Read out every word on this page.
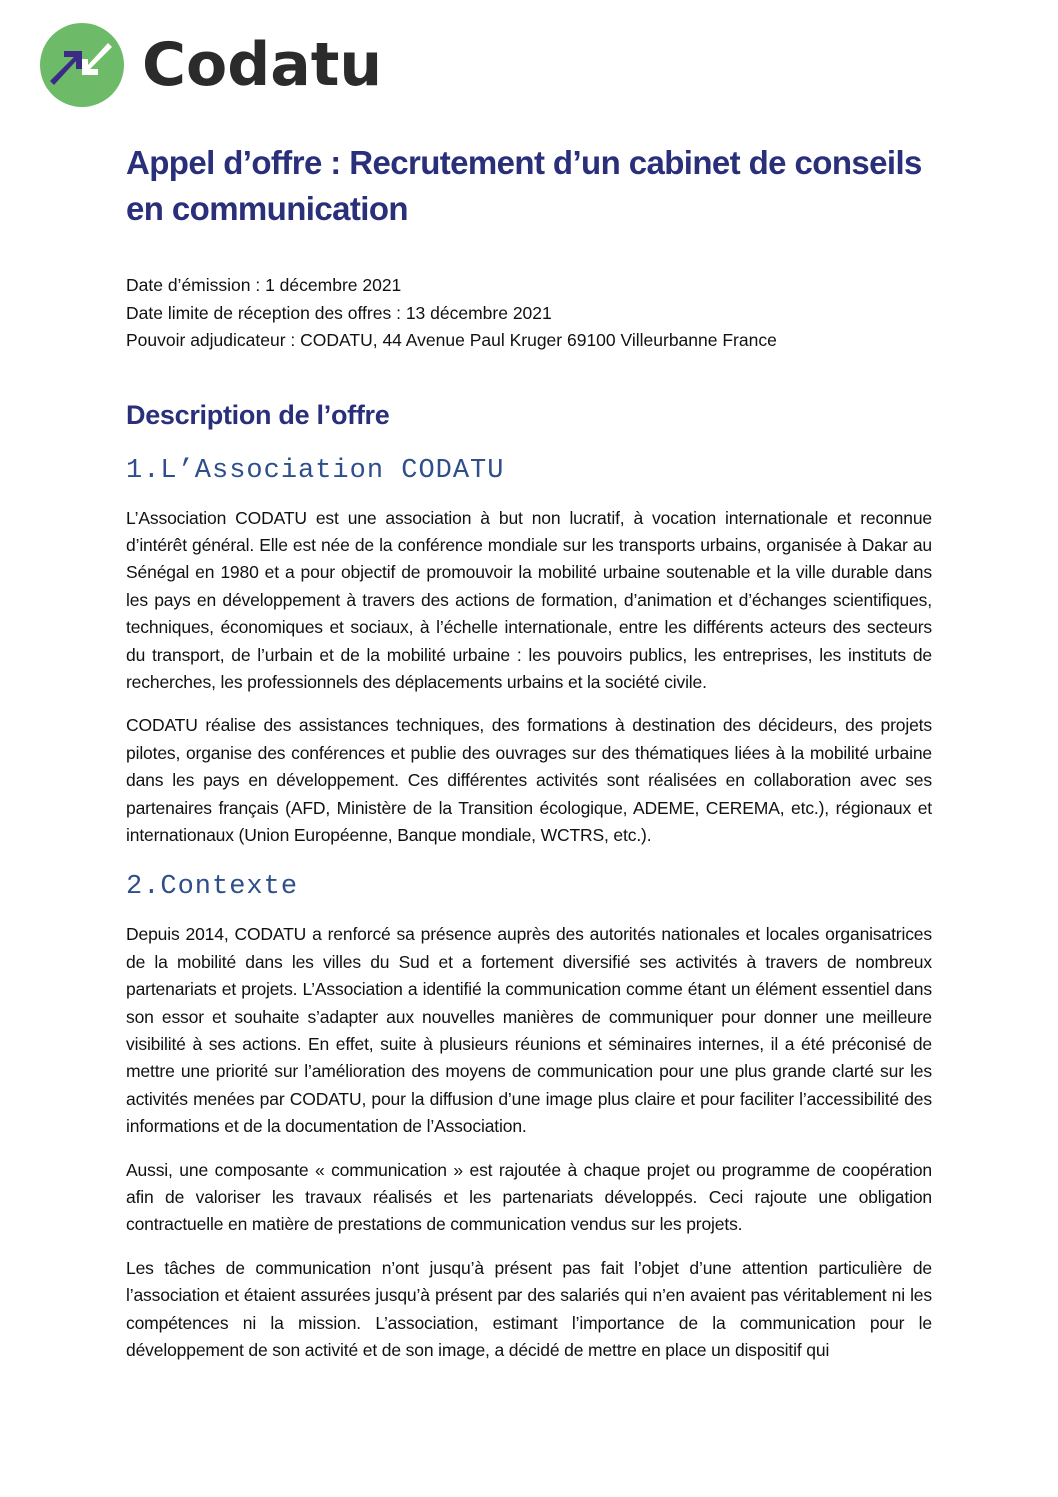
Codatu
Appel d’offre : Recrutement d’un cabinet de conseils en communication
Date d’émission : 1 décembre 2021
Date limite de réception des offres : 13 décembre 2021
Pouvoir adjudicateur : CODATU, 44 Avenue Paul Kruger 69100 Villeurbanne France
Description de l’offre
1.L’Association CODATU

L’Association CODATU est une association à but non lucratif, à vocation internationale et reconnue d’intérêt général. Elle est née de la conférence mondiale sur les transports urbains, organisée à Dakar au Sénégal en 1980 et a pour objectif de promouvoir la mobilité urbaine soutenable et la ville durable dans les pays en développement à travers des actions de formation, d’animation et d’échanges scientifiques, techniques, économiques et sociaux, à l’échelle internationale, entre les différents acteurs des secteurs du transport, de l’urbain et de la mobilité urbaine : les pouvoirs publics, les entreprises, les instituts de recherches, les professionnels des déplacements urbains et la société civile.

CODATU réalise des assistances techniques, des formations à destination des décideurs, des projets pilotes, organise des conférences et publie des ouvrages sur des thématiques liées à la mobilité urbaine dans les pays en développement. Ces différentes activités sont réalisées en collaboration avec ses partenaires français (AFD, Ministère de la Transition écologique, ADEME, CEREMA, etc.), régionaux et internationaux (Union Européenne, Banque mondiale, WCTRS, etc.).

2.Contexte

Depuis 2014, CODATU a renforcé sa présence auprès des autorités nationales et locales organisatrices de la mobilité dans les villes du Sud et a fortement diversifié ses activités à travers de nombreux partenariats et projets. L’Association a identifié la communication comme étant un élément essentiel dans son essor et souhaite s’adapter aux nouvelles manières de communiquer pour donner une meilleure visibilité à ses actions. En effet, suite à plusieurs réunions et séminaires internes, il a été préconisé de mettre une priorité sur l’amélioration des moyens de communication pour une plus grande clarté sur les activités menées par CODATU, pour la diffusion d’une image plus claire et pour faciliter l’accessibilité des informations et de la documentation de l’Association.

Aussi, une composante « communication » est rajoutée à chaque projet ou programme de coopération afin de valoriser les travaux réalisés et les partenariats développés. Ceci rajoute une obligation contractuelle en matière de prestations de communication vendus sur les projets.

Les tâches de communication n’ont jusqu’à présent pas fait l’objet d’une attention particulière de l’association et étaient assurées jusqu’à présent par des salariés qui n’en avaient pas véritablement ni les compétences ni la mission. L’association, estimant l’importance de la communication pour le développement de son activité et de son image, a décidé de mettre en place un dispositif qui
